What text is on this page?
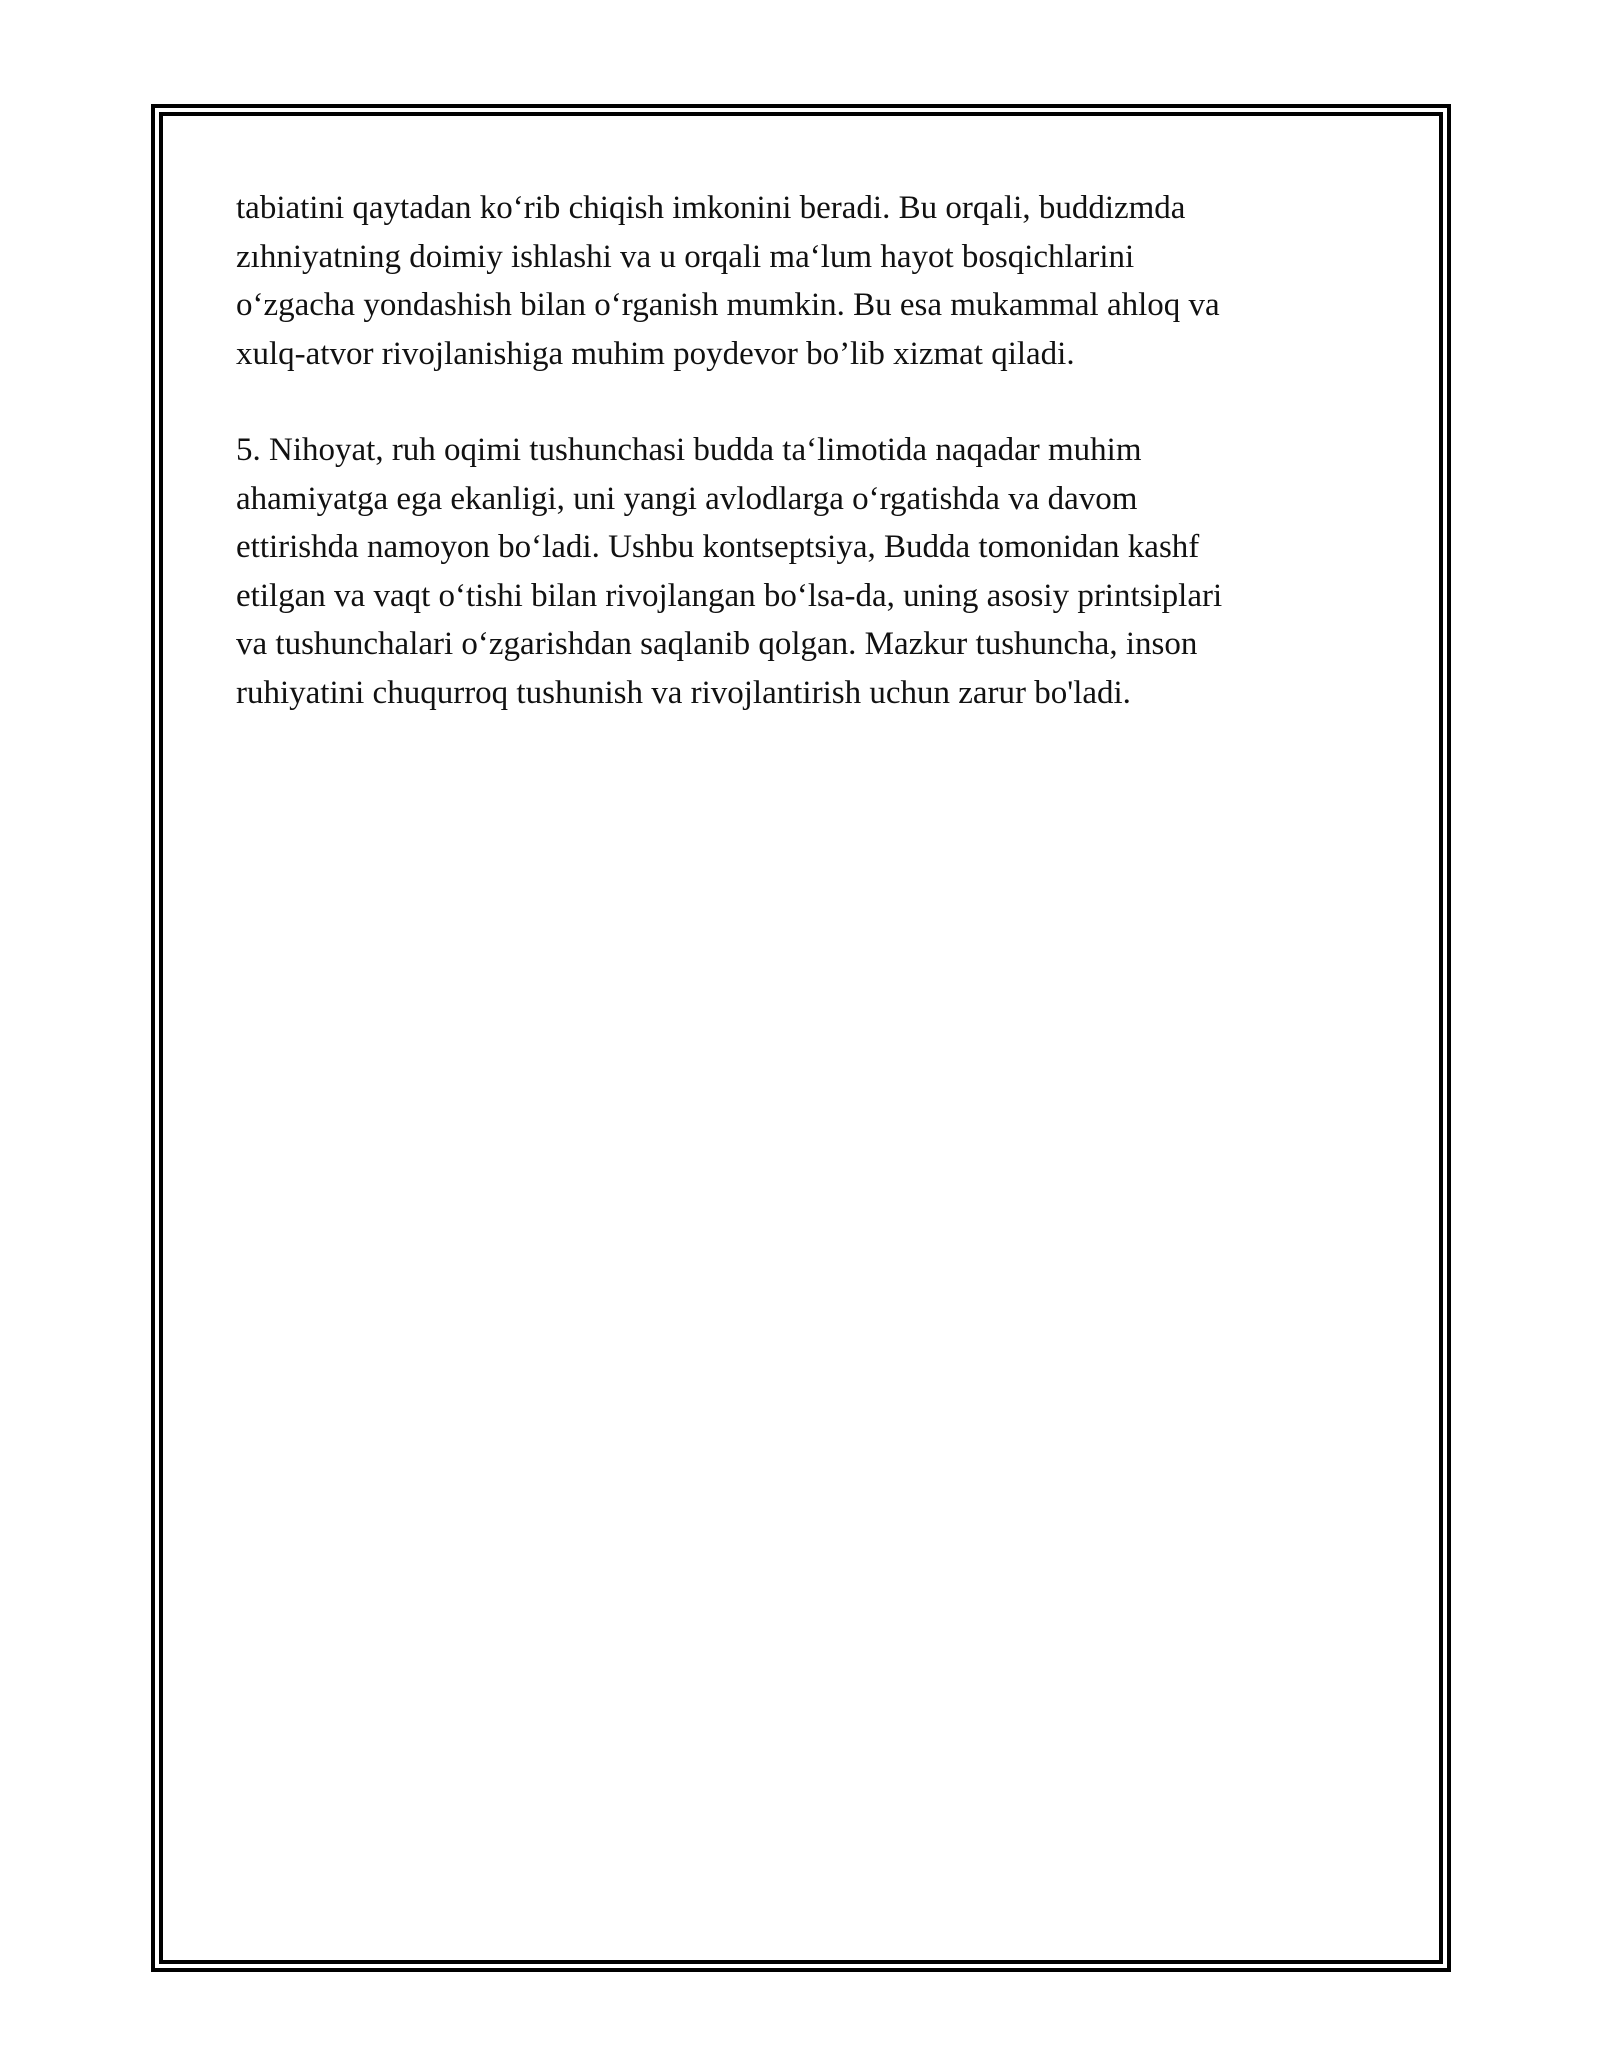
tabiatini qaytadan ko‘rib chiqish imkonini beradi. Bu orqali, buddizmda
zıhniyatning doimiy ishlashi va u orqali ma‘lum hayot bosqichlarini
o‘zgacha yondashish bilan o‘rganish mumkin. Bu esa mukammal ahloq va
xulq-atvor rivojlanishiga muhim poydevor bo’lib xizmat qiladi.

5. Nihoyat, ruh oqimi tushunchasi budda ta‘limotida naqadar muhim
ahamiyatga ega ekanligi, uni yangi avlodlarga o‘rgatishda va davom
ettirishda namoyon bo‘ladi. Ushbu kontseptsiya, Budda tomonidan kashf
etilgan va vaqt o‘tishi bilan rivojlangan bo‘lsa-da, uning asosiy printsiplari
va tushunchalari o‘zgarishdan saqlanib qolgan. Mazkur tushuncha, inson
ruhiyatini chuqurroq tushunish va rivojlantirish uchun zarur bo'ladi.
